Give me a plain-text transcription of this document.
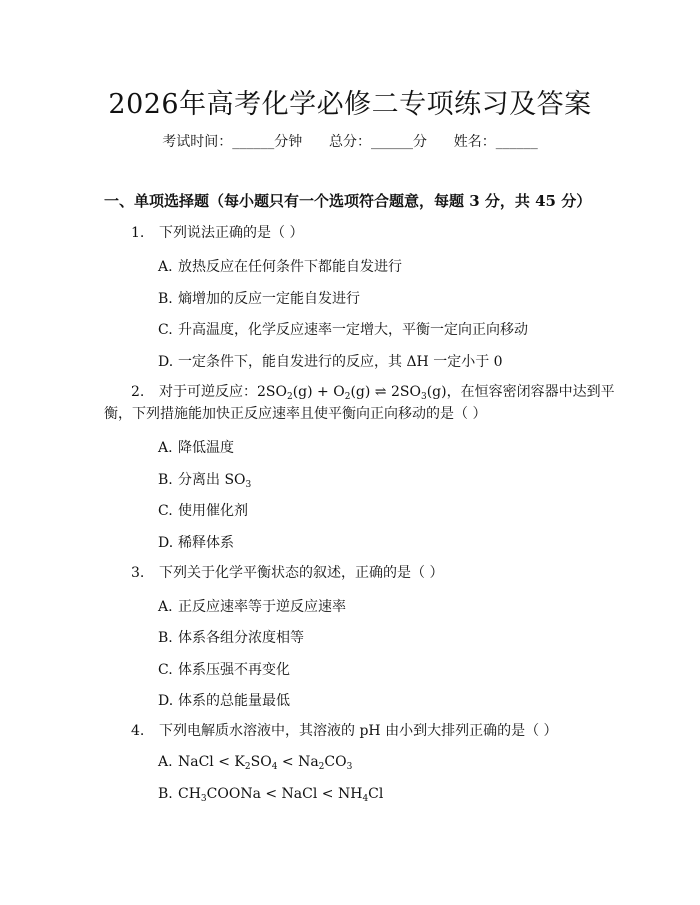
2026年高考化学必修二专项练习及答案
考试时间：______分钟      总分：______分      姓名：______
一、单项选择题（每小题只有一个选项符合题意，每题 3 分，共 45 分）
1. 下列说法正确的是（ ）
A. 放热反应在任何条件下都能自发进行
B. 熵增加的反应一定能自发进行
C. 升高温度，化学反应速率一定增大，平衡一定向正向移动
D. 一定条件下，能自发进行的反应，其 ΔH 一定小于 0
2. 对于可逆反应：$2SO_2(g) + O_2(g)$ ⇌ $2SO_3(g)$，在恒容密闭容器中达到平
衡，下列措施能加快正反应速率且使平衡向正向移动的是（ ）
A. 降低温度
B. 分离出 $SO_3$
C. 使用催化剂
D. 稀释体系
3. 下列关于化学平衡状态的叙述，正确的是（ ）
A. 正反应速率等于逆反应速率
B. 体系各组分浓度相等
C. 体系压强不再变化
D. 体系的总能量最低
4. 下列电解质水溶液中，其溶液的 pH 由小到大排列正确的是（ ）
A. NaCl < $K_2SO_4 < Na_2CO_3$
B. $CH_3COONa$ < NaCl < $NH_4Cl$
